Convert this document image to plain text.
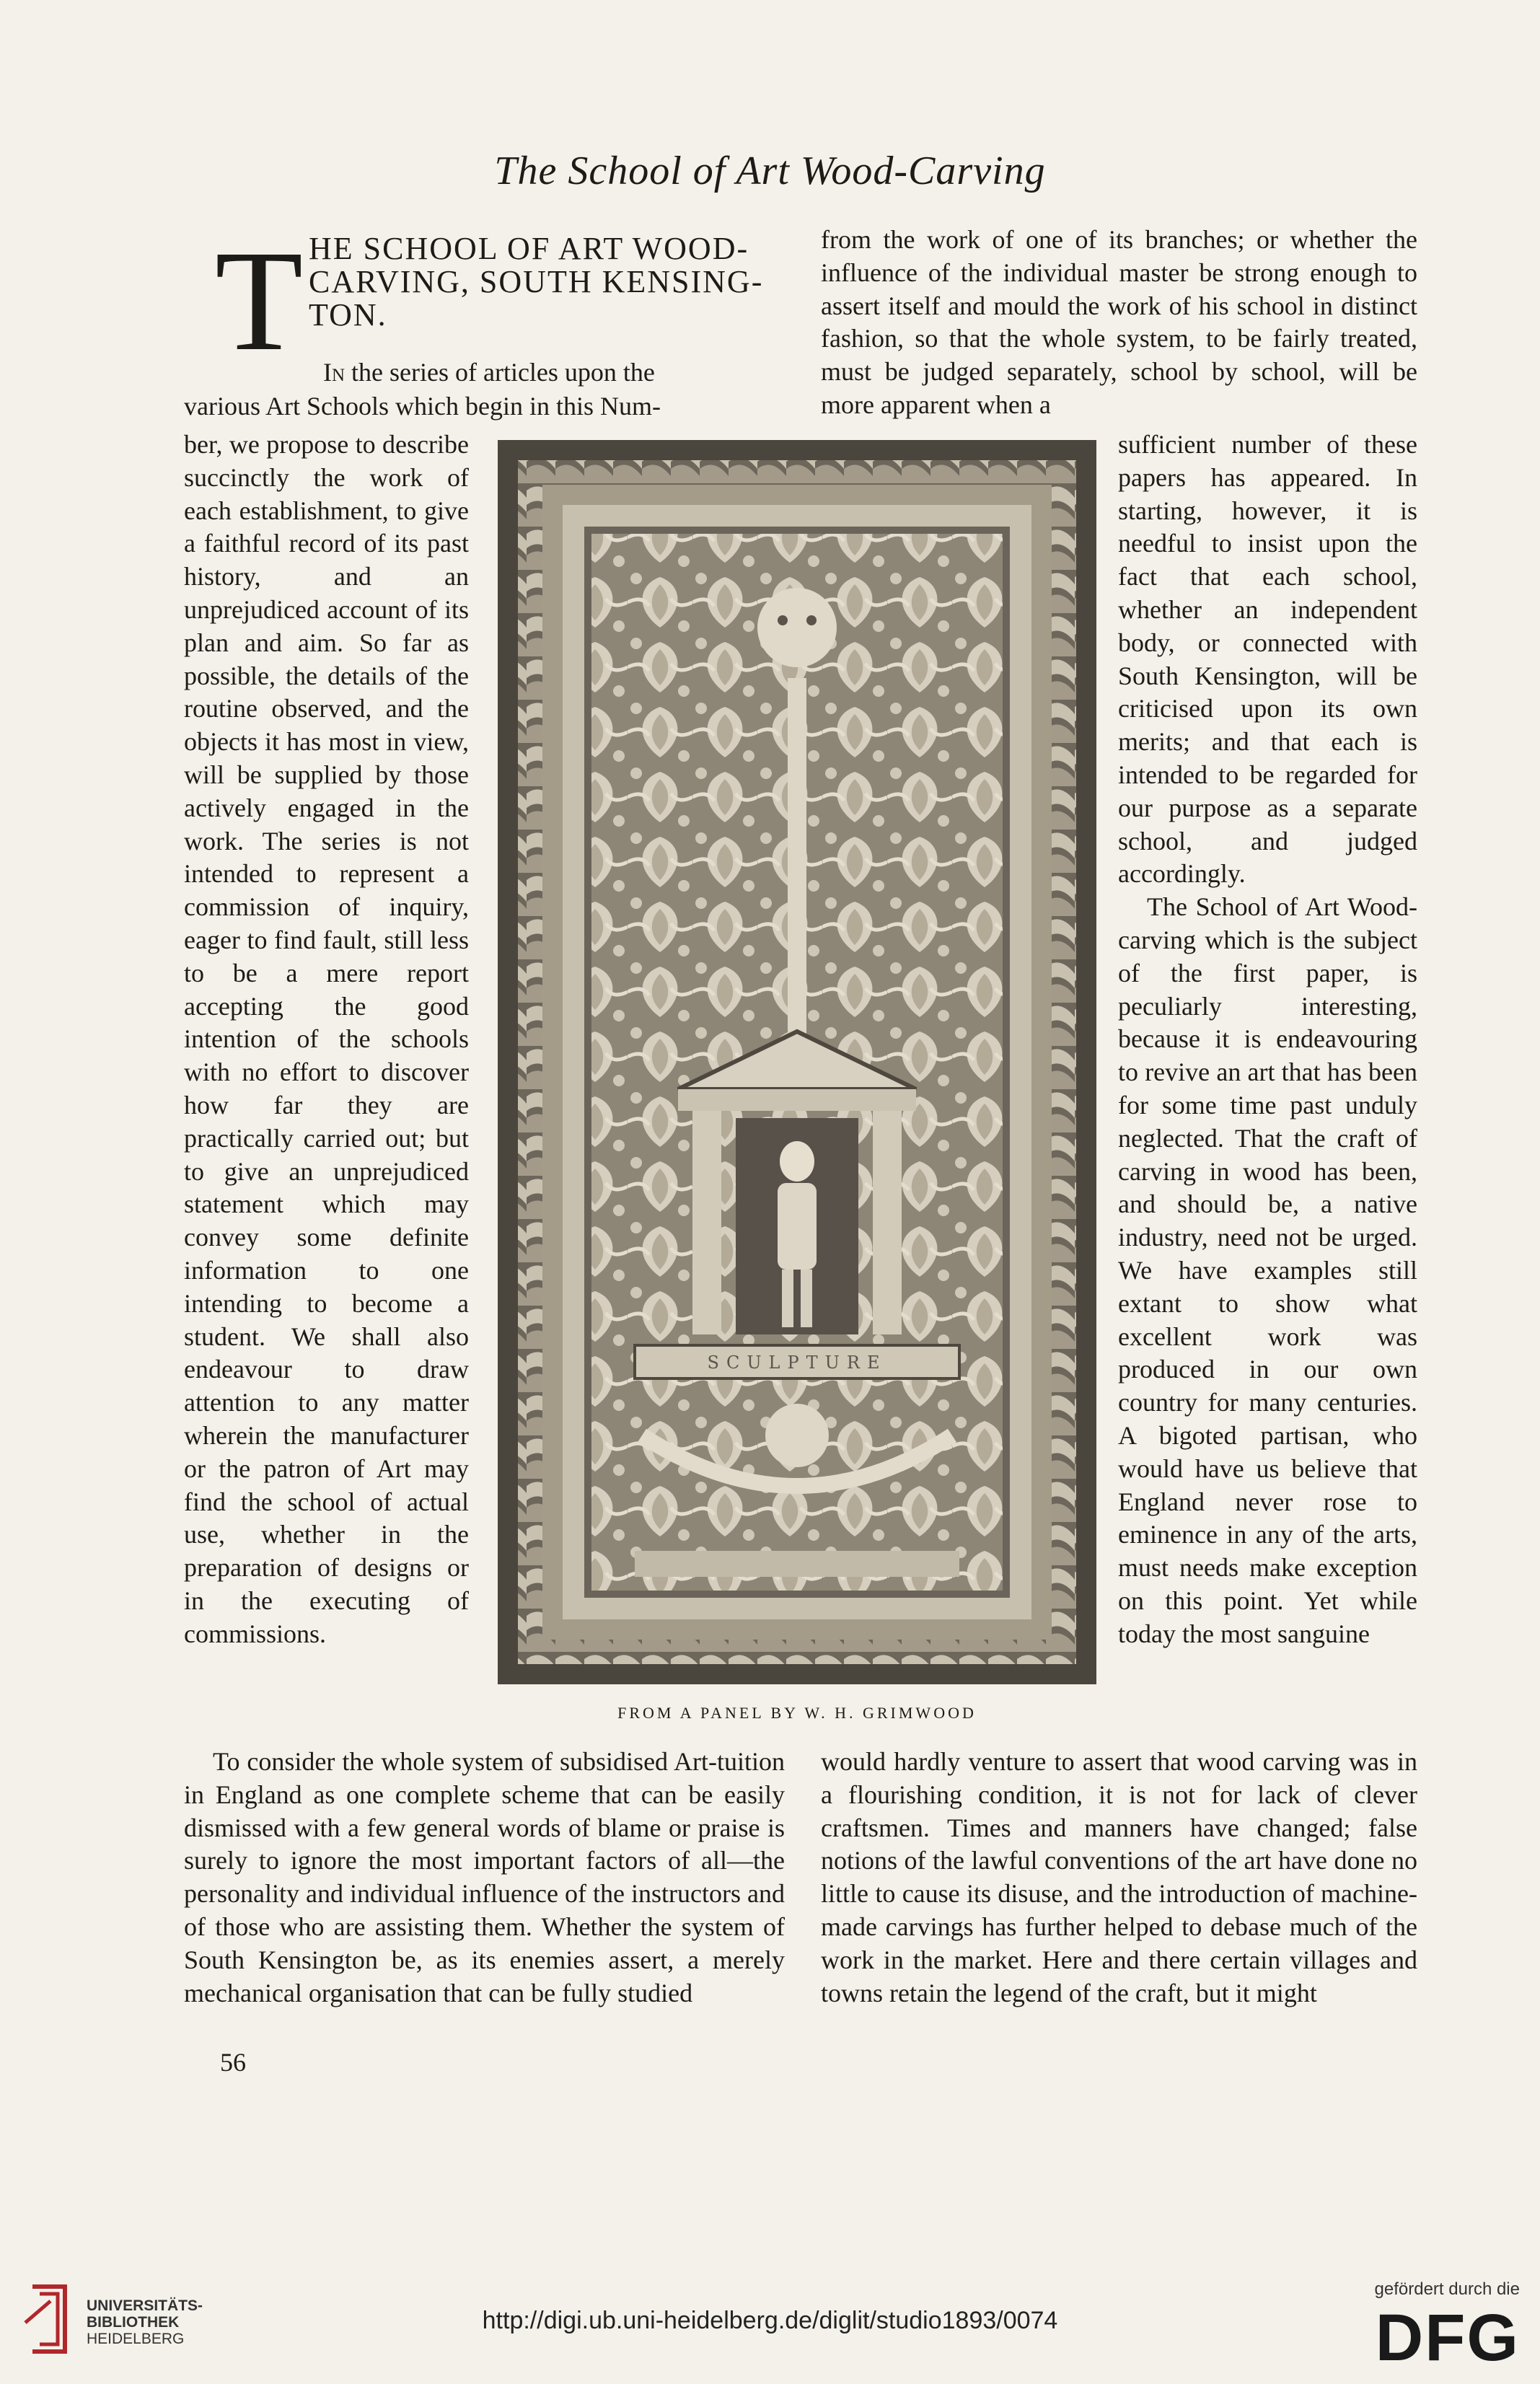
The School of Art Wood-Carving
T HE SCHOOL OF ART WOOD- CARVING, SOUTH KENSING- TON.
In the series of articles upon the
various Art Schools which begin in this Num-

ber, we propose to describe succinctly the work of each establishment, to give a faithful record of its past history, and an unprejudiced account of its plan and aim. So far as possible, the details of the routine observed, and the objects it has most in view, will be supplied by those actively engaged in the work. The series is not intended to represent a commission of inquiry, eager to find fault, still less to be a mere report accepting the good intention of the schools with no effort to discover how far they are practically carried out; but to give an unprejudiced statement which may convey some definite information to one intending to become a student. We shall also endeavour to draw attention to any matter wherein the manufacturer or the patron of Art may find the school of actual use, whether in the preparation of designs or in the executing of commissions.

from the work of one of its branches; or whether the influence of the individual master be strong enough to assert itself and mould the work of his school in distinct fashion, so that the whole system, to be fairly treated, must be judged separately, school by school, will be more apparent when a

sufficient number of these papers has appeared. In starting, however, it is needful to insist upon the fact that each school, whether an independent body, or connected with South Kensington, will be criticised upon its own merits; and that each is intended to be regarded for our purpose as a separate school, and judged accordingly.

The School of Art Wood-carving which is the subject of the first paper, is peculiarly interesting, because it is endeavouring to revive an art that has been for some time past unduly neglected. That the craft of carving in wood has been, and should be, a native industry, need not be urged. We have examples still extant to show what excellent work was produced in our own country for many centuries. A bigoted partisan, who would have us believe that England never rose to eminence in any of the arts, must needs make exception on this point. Yet while today the most sanguine

SCULPTURE
FROM A PANEL BY W. H. GRIMWOOD

To consider the whole system of subsidised Art-tuition in England as one complete scheme that can be easily dismissed with a few general words of blame or praise is surely to ignore the most important factors of all—the personality and individual influence of the instructors and of those who are assisting them. Whether the system of South Kensington be, as its enemies assert, a merely mechanical organisation that can be fully studied

would hardly venture to assert that wood carving was in a flourishing condition, it is not for lack of clever craftsmen. Times and manners have changed; false notions of the lawful conventions of the art have done no little to cause its disuse, and the introduction of machine-made carvings has further helped to debase much of the work in the market. Here and there certain villages and towns retain the legend of the craft, but it might

56
UNIVERSITÄTS-
BIBLIOTHEK
HEIDELBERG
http://digi.ub.uni-heidelberg.de/diglit/studio1893/0074
gefördert durch die
DFG
